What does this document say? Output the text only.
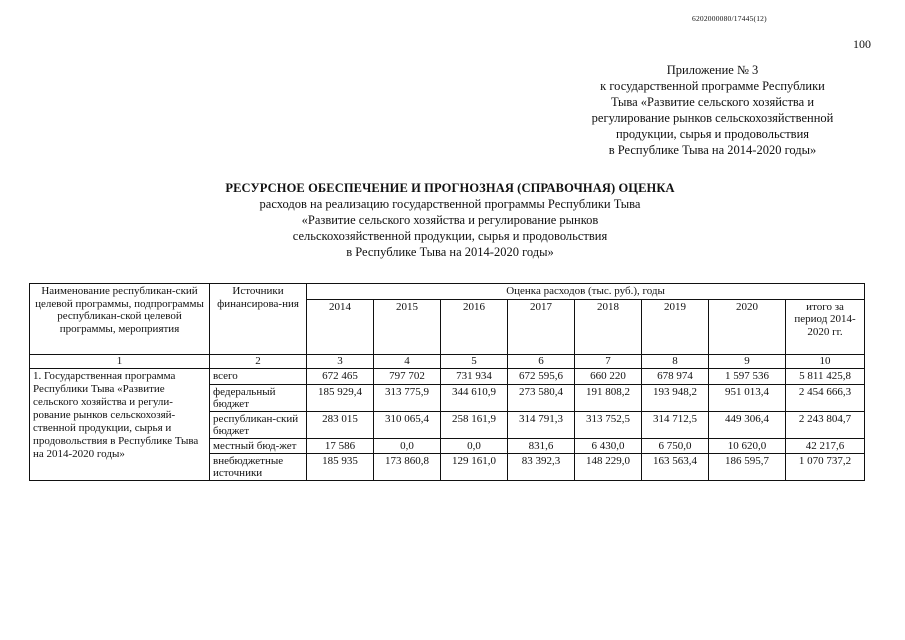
6202000080/17445(12)
100
Приложение № 3
к государственной программе Республики
Тыва «Развитие сельского хозяйства и
регулирование рынков сельскохозяйственной
продукции, сырья и продовольствия
в Республике Тыва на 2014-2020 годы»
РЕСУРСНОЕ ОБЕСПЕЧЕНИЕ И ПРОГНОЗНАЯ (СПРАВОЧНАЯ) ОЦЕНКА
расходов на реализацию государственной программы Республики Тыва
«Развитие сельского хозяйства и регулирование рынков
сельскохозяйственной продукции, сырья и продовольствия
в Республике Тыва на 2014-2020 годы»
Наименование республикан-ский целевой программы, подпрограммы республикан-ской целевой программы, мероприятия	Источники финансирова-ния	Оценка расходов (тыс. руб.), годы							
		2014	2015	2016	2017	2018	2019	2020	итого за период 2014-2020 гг.
1	2	3	4	5	6	7	8	9	10
1. Государственная программа Республики Тыва «Развитие сельского хозяйства и регули-рование рынков сельскохозяй-ственной продукции, сырья и продовольствия в Республике Тыва на 2014-2020 годы»	всего	672 465	797 702	731 934	672 595,6	660 220	678 974	1 597 536	5 811 425,8
	федеральный бюджет	185 929,4	313 775,9	344 610,9	273 580,4	191 808,2	193 948,2	951 013,4	2 454 666,3
	республикан-ский бюджет	283 015	310 065,4	258 161,9	314 791,3	313 752,5	314 712,5	449 306,4	2 243 804,7
	местный бюд-жет	17 586	0,0	0,0	831,6	6 430,0	6 750,0	10 620,0	42 217,6
	внебюджетные источники	185 935	173 860,8	129 161,0	83 392,3	148 229,0	163 563,4	186 595,7	1 070 737,2
